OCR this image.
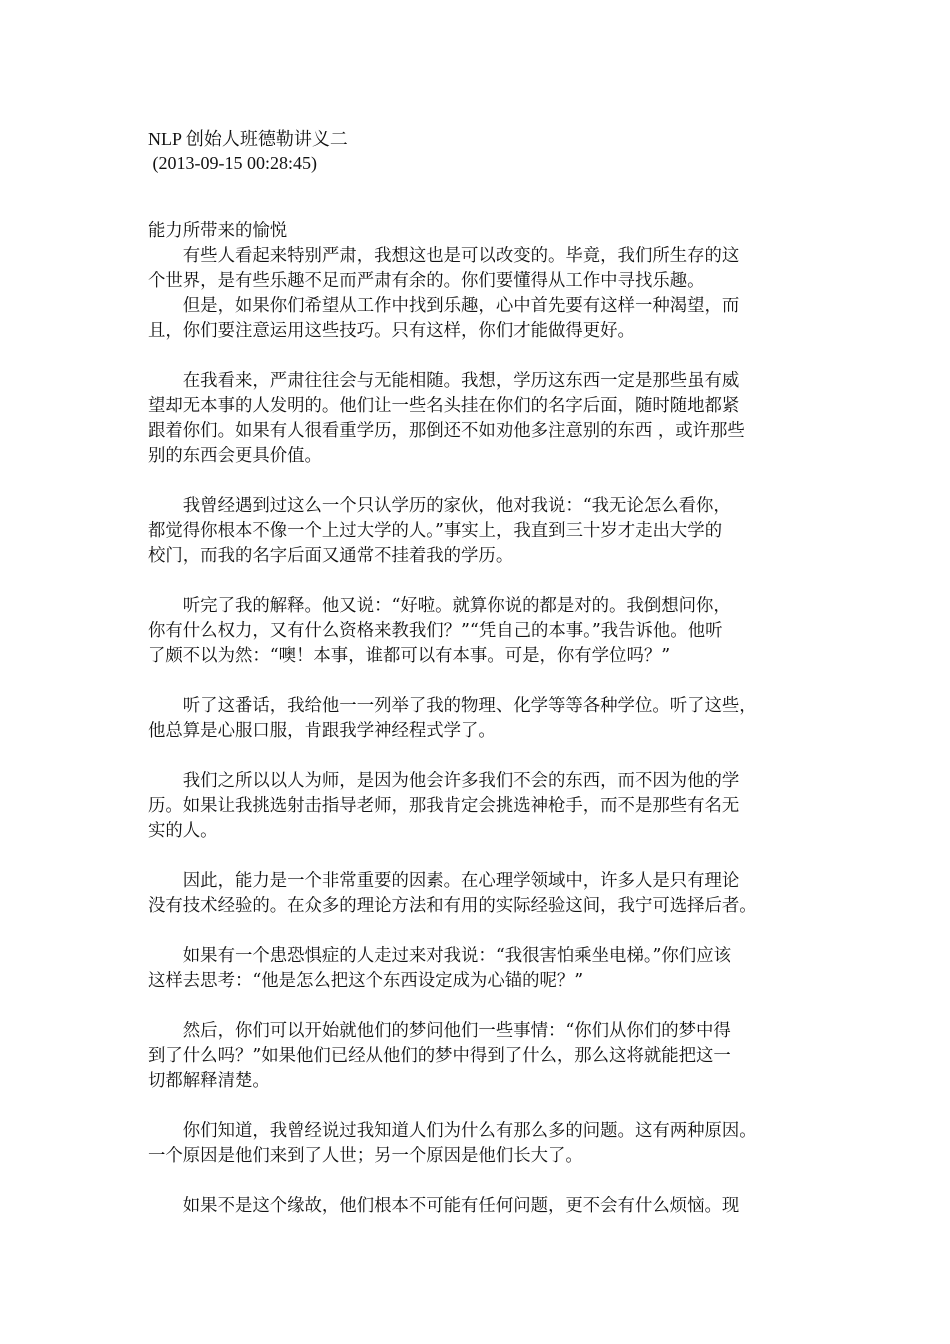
NLP 创始人班德勒讲义二
(2013-09-15 00:28:45)
能力所带来的愉悦
　　有些人看起来特别严肃，我想这也是可以改变的。毕竟，我们所生存的这
个世界，是有些乐趣不足而严肃有余的。你们要懂得从工作中寻找乐趣。
　　但是，如果你们希望从工作中找到乐趣，心中首先要有这样一种渴望，而
且，你们要注意运用这些技巧。只有这样，你们才能做得更好。
　　在我看来，严肃往往会与无能相随。我想，学历这东西一定是那些虽有威
望却无本事的人发明的。他们让一些名头挂在你们的名字后面，随时随地都紧
跟着你们。如果有人很看重学历，那倒还不如劝他多注意别的东西 ，或许那些
别的东西会更具价值。
　　我曾经遇到过这么一个只认学历的家伙，他对我说：“我无论怎么看你，
都觉得你根本不像一个上过大学的人。”事实上，我直到三十岁才走出大学的
校门，而我的名字后面又通常不挂着我的学历。
　　听完了我的解释。他又说：“好啦。就算你说的都是对的。我倒想问你，
你有什么权力，又有什么资格来教我们？”“凭自己的本事。”我告诉他。他听
了颇不以为然：“噢！本事，谁都可以有本事。可是，你有学位吗？”
　　听了这番话，我给他一一列举了我的物理、化学等等各种学位。听了这些，
他总算是心服口服，肯跟我学神经程式学了。
　　我们之所以以人为师，是因为他会许多我们不会的东西，而不因为他的学
历。如果让我挑选射击指导老师，那我肯定会挑选神枪手，而不是那些有名无
实的人。
　　因此，能力是一个非常重要的因素。在心理学领域中，许多人是只有理论
没有技术经验的。在众多的理论方法和有用的实际经验这间，我宁可选择后者。
　　如果有一个患恐惧症的人走过来对我说：“我很害怕乘坐电梯。”你们应该
这样去思考：“他是怎么把这个东西设定成为心锚的呢？”
　　然后，你们可以开始就他们的梦问他们一些事情：“你们从你们的梦中得
到了什么吗？”如果他们已经从他们的梦中得到了什么，那么这将就能把这一
切都解释清楚。
　　你们知道，我曾经说过我知道人们为什么有那么多的问题。这有两种原因。
一个原因是他们来到了人世；另一个原因是他们长大了。
　　如果不是这个缘故，他们根本不可能有任何问题，更不会有什么烦恼。现
